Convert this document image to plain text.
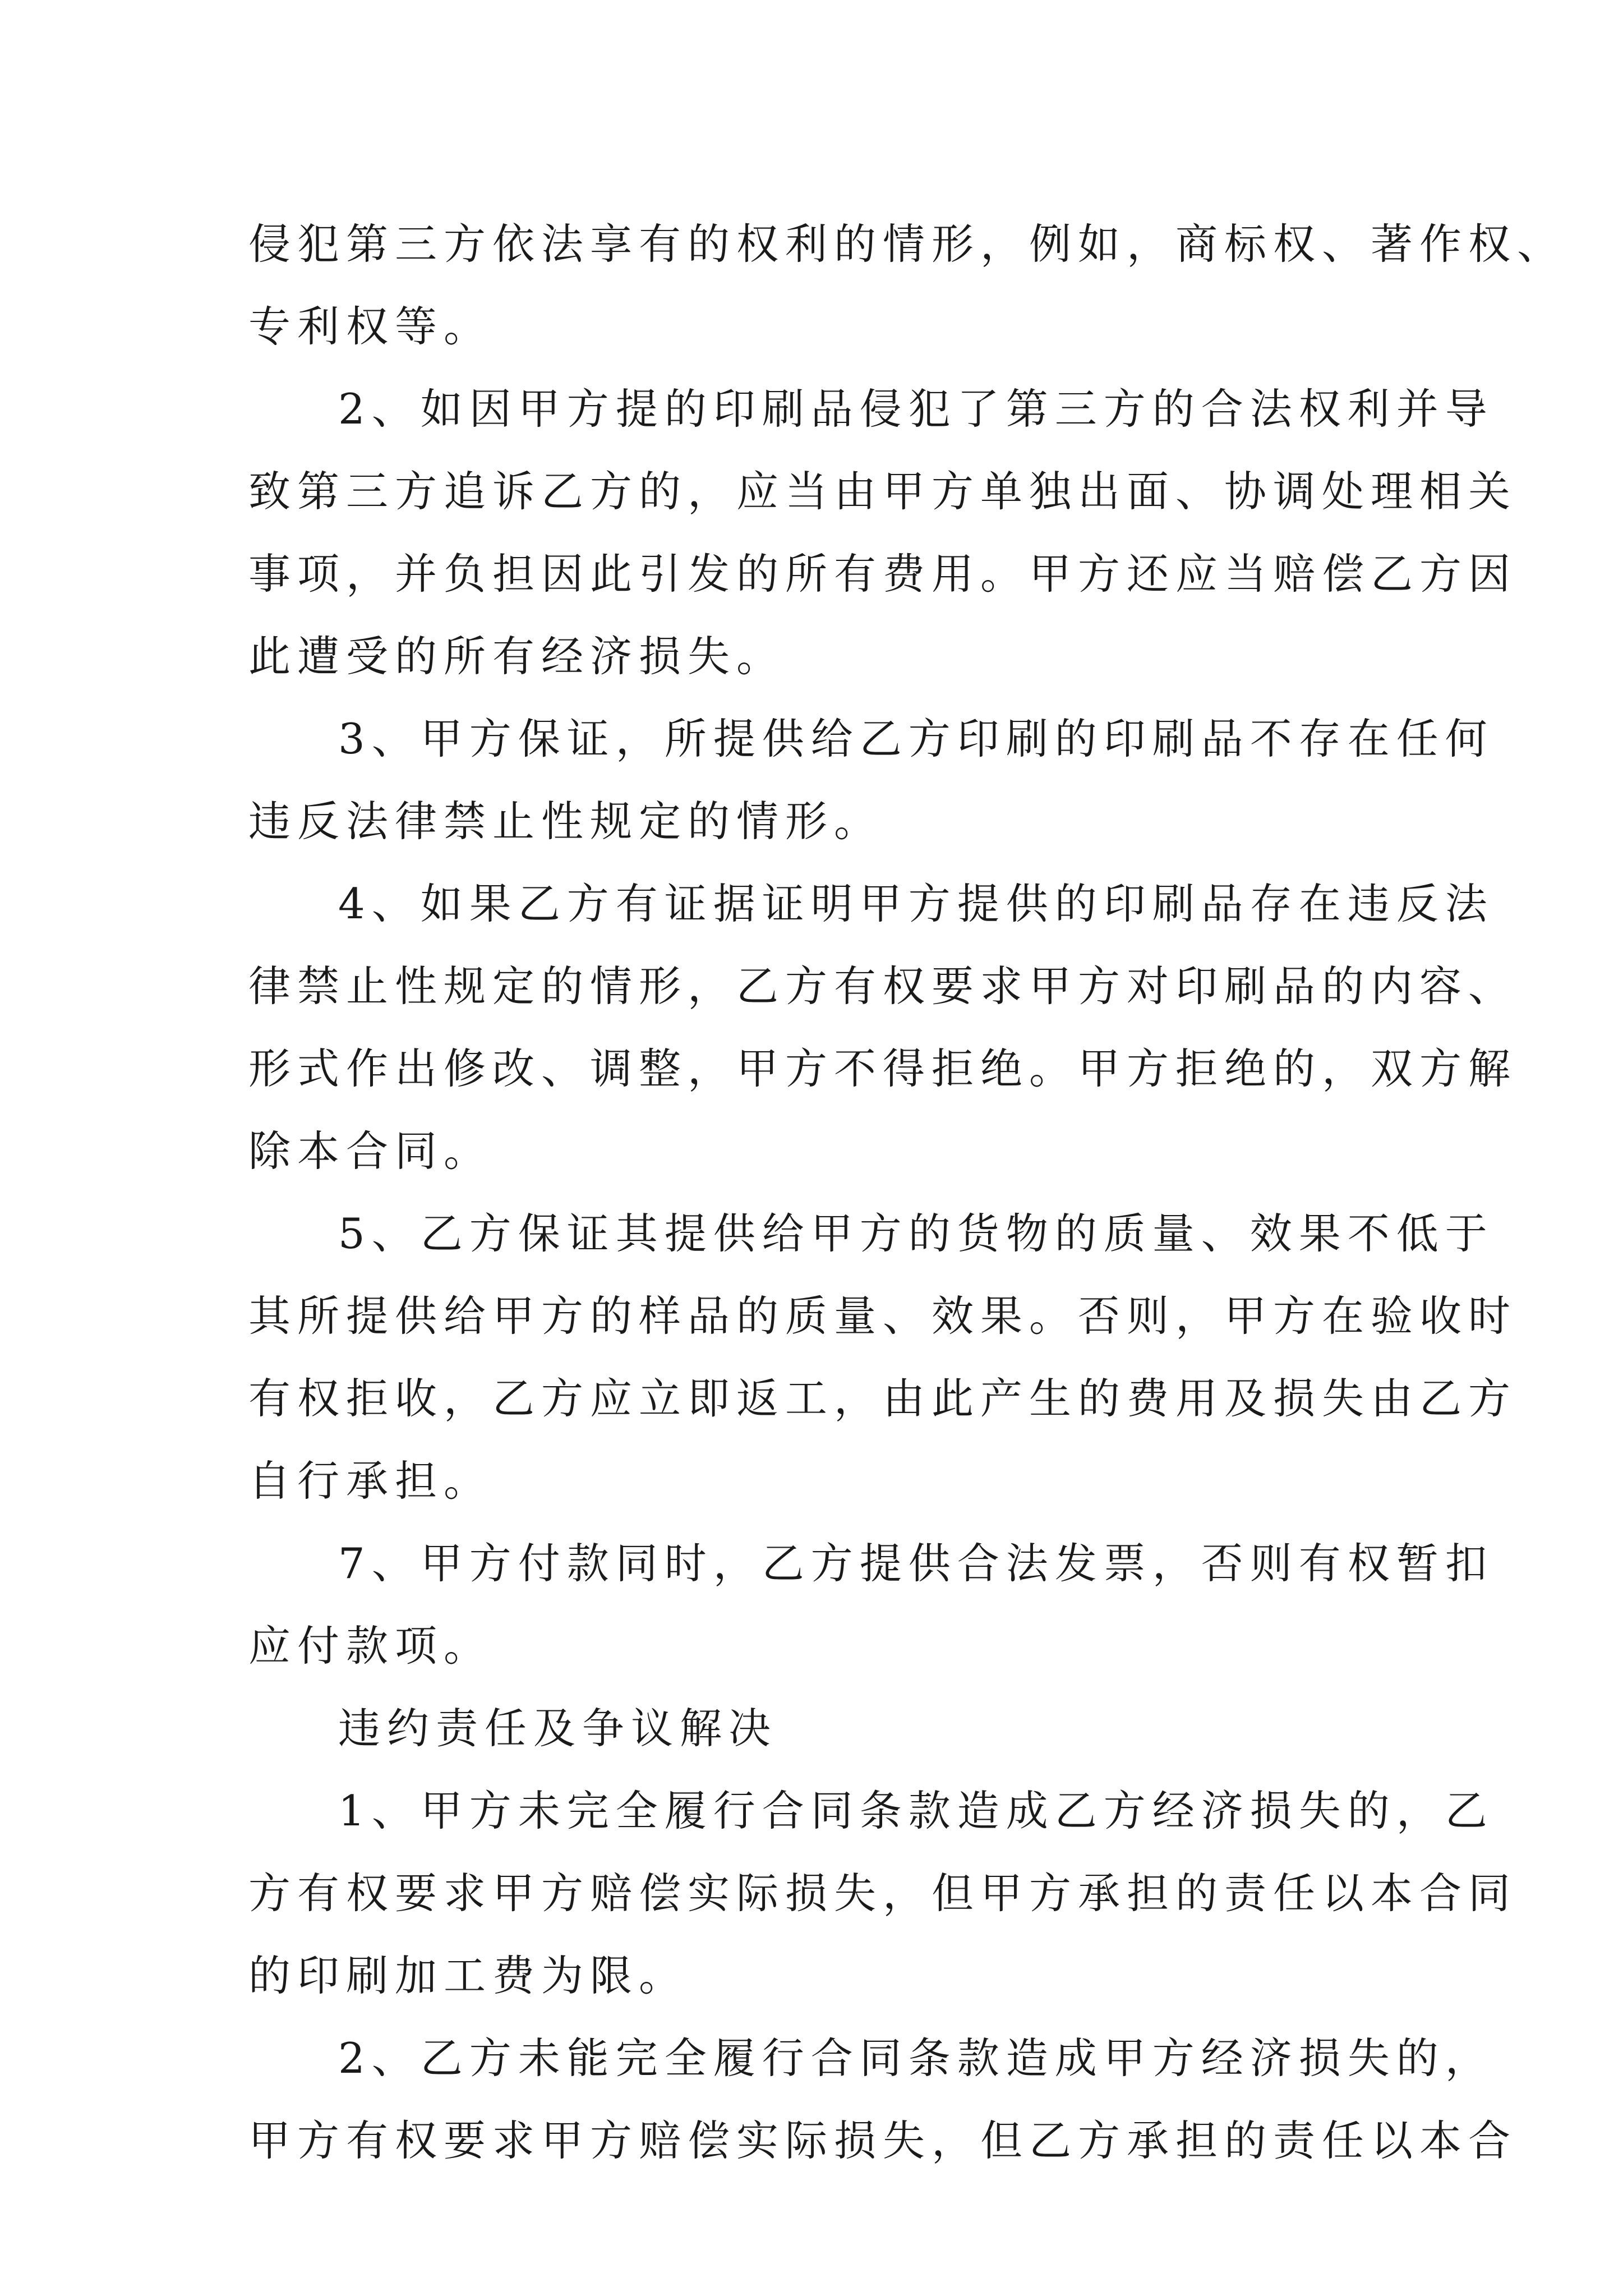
侵犯第三方依法享有的权利的情形，例如，商标权、著作权、
专利权等。
2、如因甲方提的印刷品侵犯了第三方的合法权利并导
致第三方追诉乙方的，应当由甲方单独出面、协调处理相关
事项，并负担因此引发的所有费用。甲方还应当赔偿乙方因
此遭受的所有经济损失。
3、甲方保证，所提供给乙方印刷的印刷品不存在任何
违反法律禁止性规定的情形。
4、如果乙方有证据证明甲方提供的印刷品存在违反法
律禁止性规定的情形，乙方有权要求甲方对印刷品的内容、
形式作出修改、调整，甲方不得拒绝。甲方拒绝的，双方解
除本合同。
5、乙方保证其提供给甲方的货物的质量、效果不低于
其所提供给甲方的样品的质量、效果。否则，甲方在验收时
有权拒收，乙方应立即返工，由此产生的费用及损失由乙方
自行承担。
7、甲方付款同时，乙方提供合法发票，否则有权暂扣
应付款项。
违约责任及争议解决
1、甲方未完全履行合同条款造成乙方经济损失的，乙
方有权要求甲方赔偿实际损失，但甲方承担的责任以本合同
的印刷加工费为限。
2、乙方未能完全履行合同条款造成甲方经济损失的，
甲方有权要求甲方赔偿实际损失，但乙方承担的责任以本合
